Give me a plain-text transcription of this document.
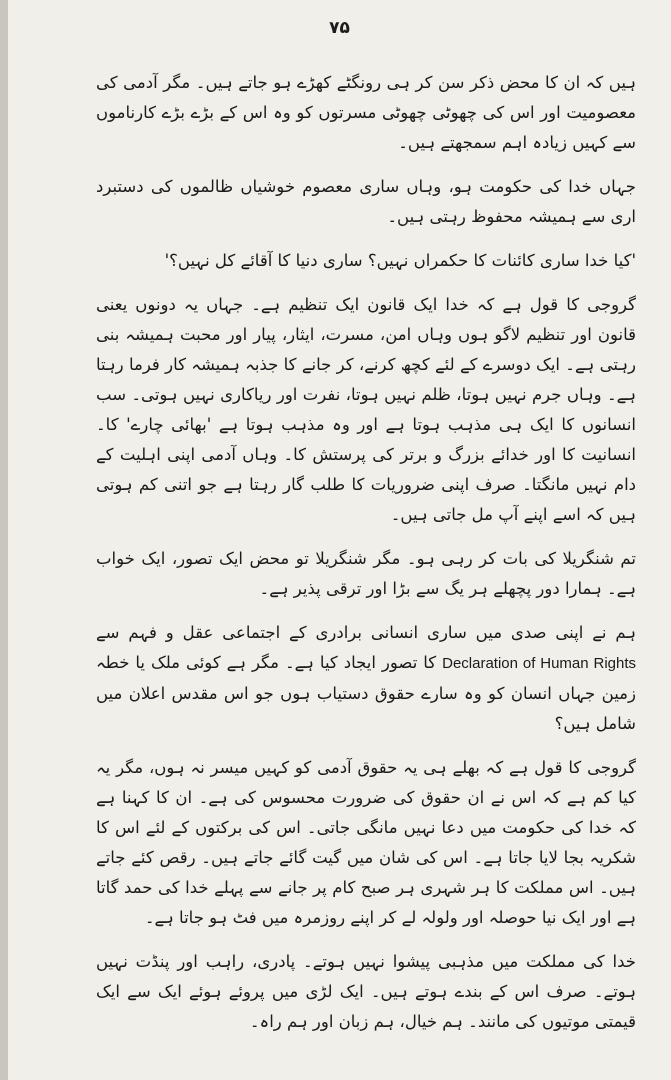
۷۵

ہیں کہ ان کا محض ذکر سن کر ہی رونگٹے کھڑے ہو جاتے ہیں۔ مگر آدمی کی معصومیت اور اس کی چھوٹی چھوٹی مسرتوں کو وہ اس کے بڑے بڑے کارناموں سے کہیں زیادہ اہم سمجھتے ہیں۔

جہاں خدا کی حکومت ہو، وہاں ساری معصوم خوشیاں ظالموں کی دستبرد اری سے ہمیشہ محفوظ رہتی ہیں۔

'کیا خدا ساری کائنات کا حکمراں نہیں؟ ساری دنیا کا آقائے کل نہیں؟'

گروجی کا قول ہے کہ خدا ایک قانون ایک تنظیم ہے۔ جہاں یہ دونوں یعنی قانون اور تنظیم لاگو ہوں وہاں امن، مسرت، ایثار، پیار اور محبت ہمیشہ بنی رہتی ہے۔ ایک دوسرے کے لئے کچھ کرنے، کر جانے کا جذبہ ہمیشہ کار فرما رہتا ہے۔ وہاں جرم نہیں ہوتا، ظلم نہیں ہوتا، نفرت اور ریاکاری نہیں ہوتی۔ سب انسانوں کا ایک ہی مذہب ہوتا ہے اور وہ مذہب ہوتا ہے 'بھائی چارے' کا۔ انسانیت کا اور خدائے بزرگ و برتر کی پرستش کا۔ وہاں آدمی اپنی اہلیت کے دام نہیں مانگتا۔ صرف اپنی ضروریات کا طلب گار رہتا ہے جو اتنی کم ہوتی ہیں کہ اسے اپنے آپ مل جاتی ہیں۔

تم شنگریلا کی بات کر رہی ہو۔ مگر شنگریلا تو محض ایک تصور، ایک خواب ہے۔ ہمارا دور پچھلے ہر یگ سے بڑا اور ترقی پذیر ہے۔

ہم نے اپنی صدی میں ساری انسانی برادری کے اجتماعی عقل و فہم سے Declaration of Human Rights کا تصور ایجاد کیا ہے۔ مگر ہے کوئی ملک یا خطہ زمین جہاں انسان کو وہ سارے حقوق دستیاب ہوں جو اس مقدس اعلان میں شامل ہیں؟

گروجی کا قول ہے کہ بھلے ہی یہ حقوق آدمی کو کہیں میسر نہ ہوں، مگر یہ کیا کم ہے کہ اس نے ان حقوق کی ضرورت محسوس کی ہے۔ ان کا کہنا ہے کہ خدا کی حکومت میں دعا نہیں مانگی جاتی۔ اس کی برکتوں کے لئے اس کا شکریہ بجا لایا جاتا ہے۔ اس کی شان میں گیت گائے جاتے ہیں۔ رقص کئے جاتے ہیں۔ اس مملکت کا ہر شہری ہر صبح کام پر جانے سے پہلے خدا کی حمد گاتا ہے اور ایک نیا حوصلہ اور ولولہ لے کر اپنے روزمرہ میں فٹ ہو جاتا ہے۔

خدا کی مملکت میں مذہبی پیشوا نہیں ہوتے۔ پادری، راہب اور پنڈت نہیں ہوتے۔ صرف اس کے بندے ہوتے ہیں۔ ایک لڑی میں پروئے ہوئے ایک سے ایک قیمتی موتیوں کی مانند۔ ہم خیال، ہم زبان اور ہم راہ۔
